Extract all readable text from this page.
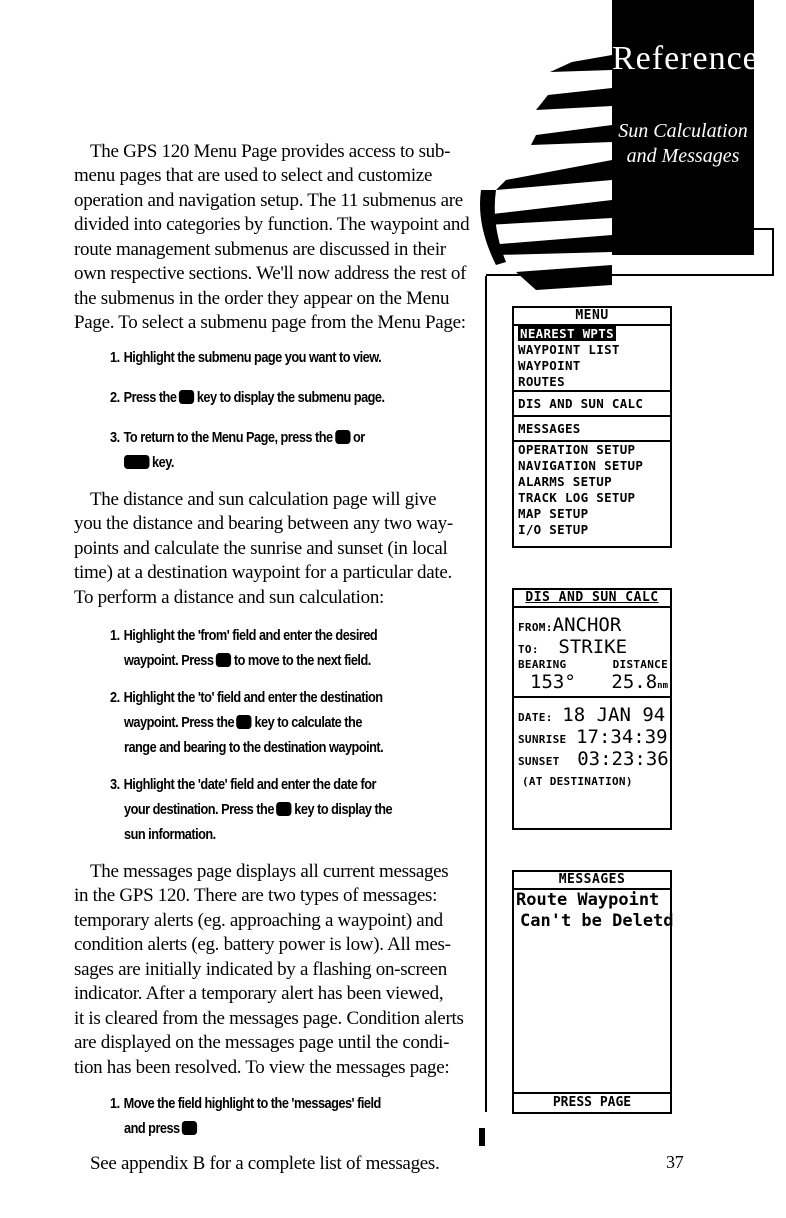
Reference
Sun Calculation
and Messages
The GPS 120 Menu Page provides access to sub-
menu pages that are used to select and customize
operation and navigation setup. The 11 submenus are
divided into categories by function. The waypoint and
route management submenus are discussed in their
own respective sections. We'll now address the rest of
the submenus in the order they appear on the Menu
Page. To select a submenu page from the Menu Page:
1. Highlight the submenu page you want to view.
2. Press the key to display the submenu page.
3. To return to the Menu Page, press the or
key.
The distance and sun calculation page will give
you the distance and bearing between any two way-
points and calculate the sunrise and sunset (in local
time) at a destination waypoint for a particular date.
To perform a distance and sun calculation:
1. Highlight the 'from' field and enter the desired
waypoint. Press to move to the next field.
2. Highlight the 'to' field and enter the destination
waypoint. Press the key to calculate the
range and bearing to the destination waypoint.
3. Highlight the 'date' field and enter the date for
your destination. Press the key to display the
sun information.
The messages page displays all current messages
in the GPS 120. There are two types of messages:
temporary alerts (eg. approaching a waypoint) and
condition alerts (eg. battery power is low). All mes-
sages are initially indicated by a flashing on-screen
indicator. After a temporary alert has been viewed,
it is cleared from the messages page. Condition alerts
are displayed on the messages page until the condi-
tion has been resolved. To view the messages page:
1. Move the field highlight to the 'messages' field
and press
See appendix B for a complete list of messages.	37
MENU
NEAREST WPTS
WAYPOINT LIST
WAYPOINT
ROUTES
DIS AND SUN CALC
MESSAGES
OPERATION SETUP
NAVIGATION SETUP
ALARMS SETUP
TRACK LOG SETUP
MAP SETUP
I/O SETUP
DIS AND SUN CALC
FROM:ANCHOR
TO: STRIKE
BEARING	DISTANCE
153° 25.8nm
DATE: 18 JAN 94
SUNRISE 17:34:39
SUNSET 03:23:36
(AT DESTINATION)
MESSAGES
Route Waypoint
Can't be Deletd
PRESS PAGE
